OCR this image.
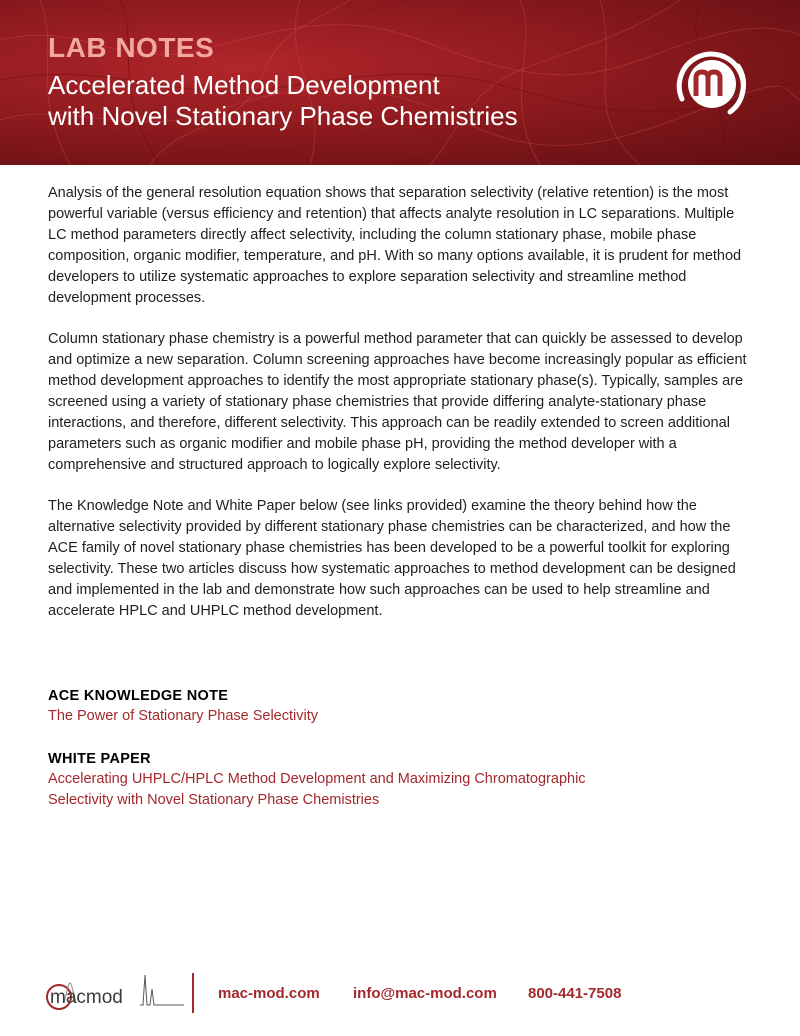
LAB NOTES
Accelerated Method Development
with Novel Stationary Phase Chemistries

Analysis of the general resolution equation shows that separation selectivity (relative retention) is the most powerful variable (versus efficiency and retention) that affects analyte resolution in LC separations. Multiple LC method parameters directly affect selectivity, including the column stationary phase, mobile phase composition, organic modifier, temperature, and pH. With so many options available, it is prudent for method developers to utilize systematic approaches to explore separation selectivity and streamline method development processes.

Column stationary phase chemistry is a powerful method parameter that can quickly be assessed to develop and optimize a new separation. Column screening approaches have become increasingly popular as efficient method development approaches to identify the most appropriate stationary phase(s). Typically, samples are screened using a variety of stationary phase chemistries that provide differing analyte-stationary phase interactions, and therefore, different selectivity. This approach can be readily extended to screen additional parameters such as organic modifier and mobile phase pH, providing the method developer with a comprehensive and structured approach to logically explore selectivity.

The Knowledge Note and White Paper below (see links provided) examine the theory behind how the alternative selectivity provided by different stationary phase chemistries can be characterized, and how the ACE family of novel stationary phase chemistries has been developed to be a powerful toolkit for exploring selectivity. These two articles discuss how systematic approaches to method development can be designed and implemented in the lab and demonstrate how such approaches can be used to help streamline and accelerate HPLC and UHPLC method development.

ACE KNOWLEDGE NOTE
The Power of Stationary Phase Selectivity
WHITE PAPER
Accelerating UHPLC/HPLC Method Development and Maximizing Chromatographic
Selectivity with Novel Stationary Phase Chemistries
macmod	mac-mod.com info@mac-mod.com 800-441-7508
